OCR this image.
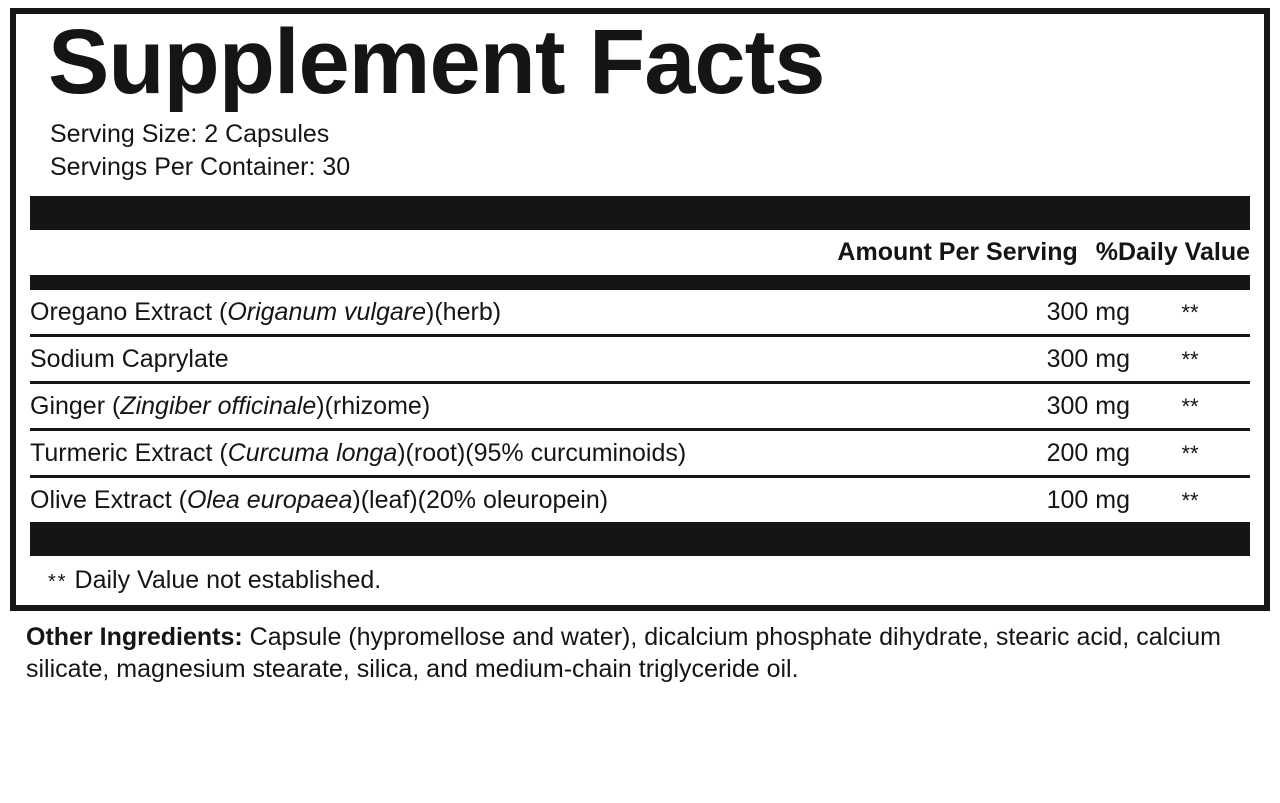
Supplement Facts
Serving Size: 2 Capsules
Servings Per Container: 30
Amount Per Serving %Daily Value
Oregano Extract (Origanum vulgare)(herb)	300 mg	**
Sodium Caprylate	300 mg	**
Ginger (Zingiber officinale)(rhizome)	300 mg	**
Turmeric Extract (Curcuma longa)(root)(95% curcuminoids)	200 mg	**
Olive Extract (Olea europaea)(leaf)(20% oleuropein)	100 mg	**
** Daily Value not established.
Other Ingredients: Capsule (hypromellose and water), dicalcium phosphate dihydrate, stearic acid, calcium silicate, magnesium stearate, silica, and medium-chain triglyceride oil.
